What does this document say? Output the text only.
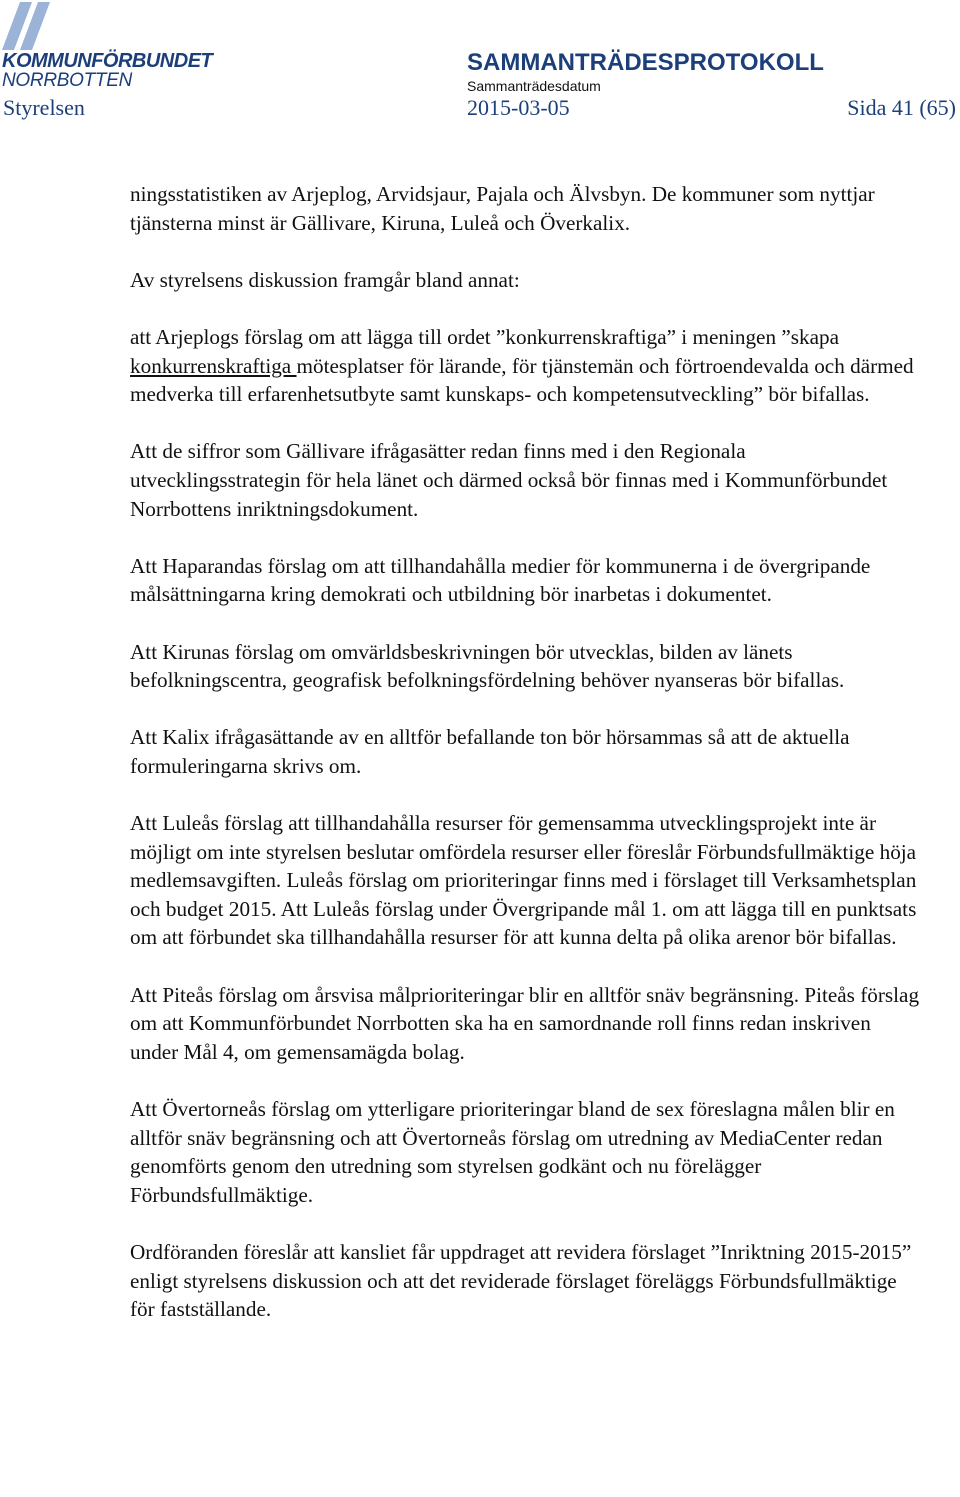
KOMMUNFÖRBUNDET
NORRBOTTEN
SAMMANTRÄDESPROTOKOLL
Sammanträdesdatum
Styrelsen	2015-03-05	Sida 41 (65)

ningsstatistiken av Arjeplog, Arvidsjaur, Pajala och Älvsbyn. De kommuner som nyttjar tjänsterna minst är Gällivare, Kiruna, Luleå och Överkalix.

Av styrelsens diskussion framgår bland annat:

att Arjeplogs förslag om att lägga till ordet ”konkurrenskraftiga” i meningen ”skapa konkurrenskraftiga mötesplatser för lärande, för tjänstemän och förtroendevalda och därmed medverka till erfarenhetsutbyte samt kunskaps- och kompetensutveckling” bör bifallas.

Att de siffror som Gällivare ifrågasätter redan finns med i den Regionala utvecklingsstrategin för hela länet och därmed också bör finnas med i Kommunförbundet Norrbottens inriktningsdokument.

Att Haparandas förslag om att tillhandahålla medier för kommunerna i de övergripande målsättningarna kring demokrati och utbildning bör inarbetas i dokumentet.

Att Kirunas förslag om omvärldsbeskrivningen bör utvecklas, bilden av länets befolkningscentra, geografisk befolkningsfördelning behöver nyanseras bör bifallas.

Att Kalix ifrågasättande av en alltför befallande ton bör hörsammas så att de aktuella formuleringarna skrivs om.

Att Luleås förslag att tillhandahålla resurser för gemensamma utvecklingsprojekt inte är möjligt om inte styrelsen beslutar omfördela resurser eller föreslår Förbundsfullmäktige höja medlemsavgiften. Luleås förslag om prioriteringar finns med i förslaget till Verksamhetsplan och budget 2015. Att Luleås förslag under Övergripande mål 1. om att lägga till en punktsats om att förbundet ska tillhandahålla resurser för att kunna delta på olika arenor bör bifallas.

Att Piteås förslag om årsvisa målprioriteringar blir en alltför snäv begränsning. Piteås förslag om att Kommunförbundet Norrbotten ska ha en samordnande roll finns redan inskriven under Mål 4, om gemensamägda bolag.

Att Övertorneås förslag om ytterligare prioriteringar bland de sex föreslagna målen blir en alltför snäv begränsning och att Övertorneås förslag om utredning av MediaCenter redan genomförts genom den utredning som styrelsen godkänt och nu förelägger Förbundsfullmäktige.

Ordföranden föreslår att kansliet får uppdraget att revidera förslaget ”Inriktning 2015-2015” enligt styrelsens diskussion och att det reviderade förslaget föreläggs Förbundsfullmäktige för fastställande.
